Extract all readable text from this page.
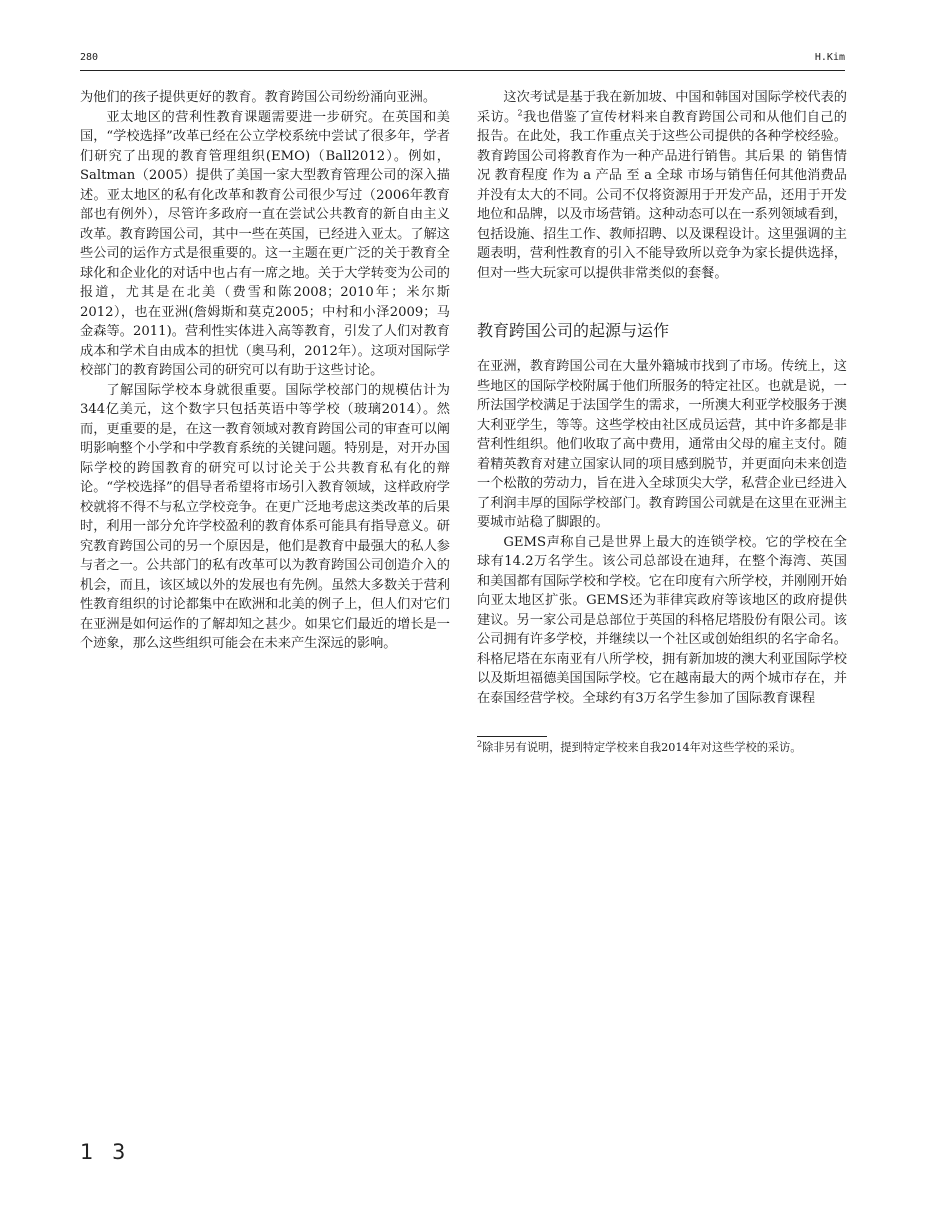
280	H.Kim

为他们的孩子提供更好的教育。教育跨国公司纷纷涌向亚洲。

亚太地区的营利性教育课题需要进一步研究。在英国和美国，“学校选择”改革已经在公立学校系统中尝试了很多年，学者们研究了出现的教育管理组织(EMO)（Ball2012）。例如，Saltman（2005）提供了美国一家大型教育管理公司的深入描述。亚太地区的私有化改革和教育公司很少写过（2006年教育部也有例外），尽管许多政府一直在尝试公共教育的新自由主义改革。教育跨国公司，其中一些在英国，已经进入亚太。了解这些公司的运作方式是很重要的。这一主题在更广泛的关于教育全球化和企业化的对话中也占有一席之地。关于大学转变为公司的报道，尤其是在北美（费雪和陈2008；2010年；米尔斯2012），也在亚洲(詹姆斯和莫克2005；中村和小泽2009；马金森等。2011)。营利性实体进入高等教育，引发了人们对教育成本和学术自由成本的担忧（奥马利，2012年）。这项对国际学校部门的教育跨国公司的研究可以有助于这些讨论。

了解国际学校本身就很重要。国际学校部门的规模估计为344亿美元，这个数字只包括英语中等学校（玻璃2014）。然而，更重要的是，在这一教育领域对教育跨国公司的审查可以阐明影响整个小学和中学教育系统的关键问题。特别是，对开办国际学校的跨国教育的研究可以讨论关于公共教育私有化的辩论。“学校选择”的倡导者希望将市场引入教育领域，这样政府学校就将不得不与私立学校竞争。在更广泛地考虑这类改革的后果时，利用一部分允许学校盈利的教育体系可能具有指导意义。研究教育跨国公司的另一个原因是，他们是教育中最强大的私人参与者之一。公共部门的私有改革可以为教育跨国公司创造介入的机会，而且，该区域以外的发展也有先例。虽然大多数关于营利性教育组织的讨论都集中在欧洲和北美的例子上，但人们对它们在亚洲是如何运作的了解却知之甚少。如果它们最近的增长是一个迹象，那么这些组织可能会在未来产生深远的影响。

这次考试是基于我在新加坡、中国和韩国对国际学校代表的采访。$^2$我也借鉴了宣传材料来自教育跨国公司和从他们自己的报告。在此处，我工作重点关于这些公司提供的各种学校经验。教育跨国公司将教育作为一种产品进行销售。其后果 的 销售情况 教育程度 作为 a 产品 至 a 全球 市场与销售任何其他消费品并没有太大的不同。公司不仅将资源用于开发产品，还用于开发地位和品牌，以及市场营销。这种动态可以在一系列领域看到，包括设施、招生工作、教师招聘、以及课程设计。这里强调的主题表明，营利性教育的引入不能导致所以竞争为家长提供选择，但对一些大玩家可以提供非常类似的套餐。

教育跨国公司的起源与运作

在亚洲，教育跨国公司在大量外籍城市找到了市场。传统上，这些地区的国际学校附属于他们所服务的特定社区。也就是说，一所法国学校满足于法国学生的需求，一所澳大利亚学校服务于澳大利亚学生，等等。这些学校由社区成员运营，其中许多都是非营利性组织。他们收取了高中费用，通常由父母的雇主支付。随着精英教育对建立国家认同的项目感到脱节，并更面向未来创造一个松散的劳动力，旨在进入全球顶尖大学，私营企业已经进入了利润丰厚的国际学校部门。教育跨国公司就是在这里在亚洲主要城市站稳了脚跟的。

GEMS声称自己是世界上最大的连锁学校。它的学校在全球有14.2万名学生。该公司总部设在迪拜，在整个海湾、英国和美国都有国际学校和学校。它在印度有六所学校，并刚刚开始向亚太地区扩张。GEMS还为菲律宾政府等该地区的政府提供建议。另一家公司是总部位于英国的科格尼塔股份有限公司。该公司拥有许多学校，并继续以一个社区或创始组织的名字命名。科格尼塔在东南亚有八所学校，拥有新加坡的澳大利亚国际学校以及斯坦福德美国国际学校。它在越南最大的两个城市存在，并在泰国经营学校。全球约有3万名学生参加了国际教育课程

$^2$除非另有说明，提到特定学校来自我2014年对这些学校的采访。
1 3
